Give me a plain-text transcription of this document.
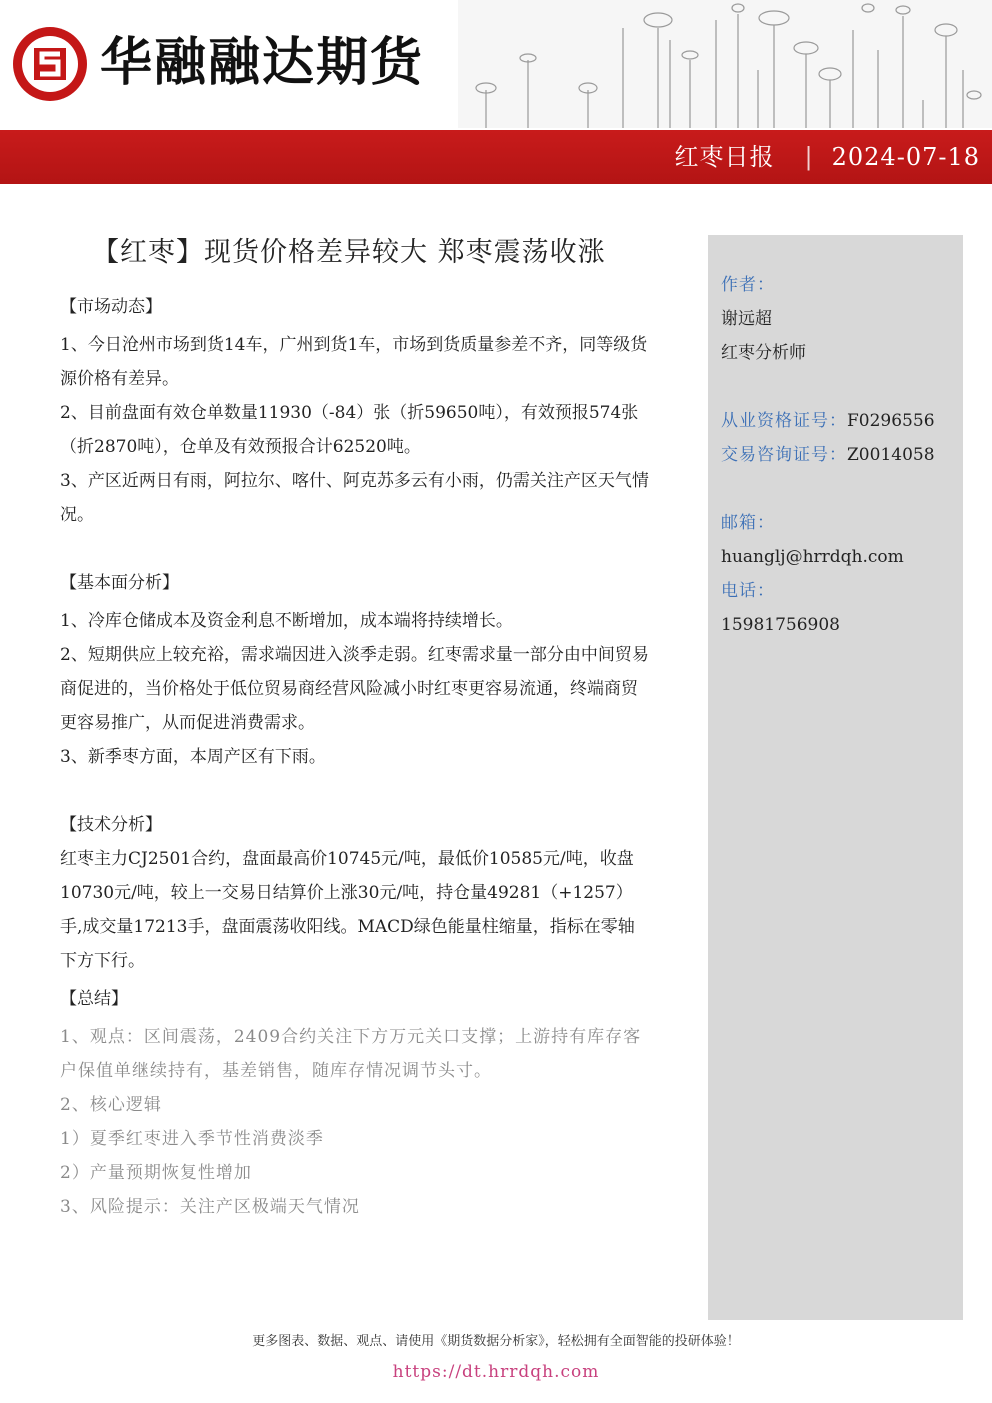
华融融达期货
红枣日报 | 2024-07-18
【红枣】现货价格差异较大 郑枣震荡收涨
【市场动态】

1、今日沧州市场到货14车，广州到货1车，市场到货质量参差不齐，同等级货源价格有差异。

2、目前盘面有效仓单数量11930（-84）张（折59650吨），有效预报574张（折2870吨），仓单及有效预报合计62520吨。

3、产区近两日有雨，阿拉尔、喀什、阿克苏多云有小雨，仍需关注产区天气情况。

【基本面分析】

1、冷库仓储成本及资金利息不断增加，成本端将持续增长。

2、短期供应上较充裕，需求端因进入淡季走弱。红枣需求量一部分由中间贸易商促进的，当价格处于低位贸易商经营风险减小时红枣更容易流通，终端商贸更容易推广，从而促进消费需求。

3、新季枣方面，本周产区有下雨。

【技术分析】

红枣主力CJ2501合约，盘面最高价10745元/吨，最低价10585元/吨，收盘10730元/吨，较上一交易日结算价上涨30元/吨，持仓量49281（+1257）手,成交量17213手，盘面震荡收阳线。MACD绿色能量柱缩量，指标在零轴下方下行。

【总结】

1、观点：区间震荡，2409合约关注下方万元关口支撑；上游持有库存客户保值单继续持有，基差销售，随库存情况调节头寸。

2、核心逻辑

1）夏季红枣进入季节性消费淡季

2）产量预期恢复性增加

3、风险提示：关注产区极端天气情况

作者：
谢远超
红枣分析师
从业资格证号：F0296556
交易咨询证号：Z0014058
邮箱：
huanglj@hrrdqh.com
电话：
15981756908
更多图表、数据、观点、请使用《期货数据分析家》，轻松拥有全面智能的投研体验！
https://dt.hrrdqh.com
